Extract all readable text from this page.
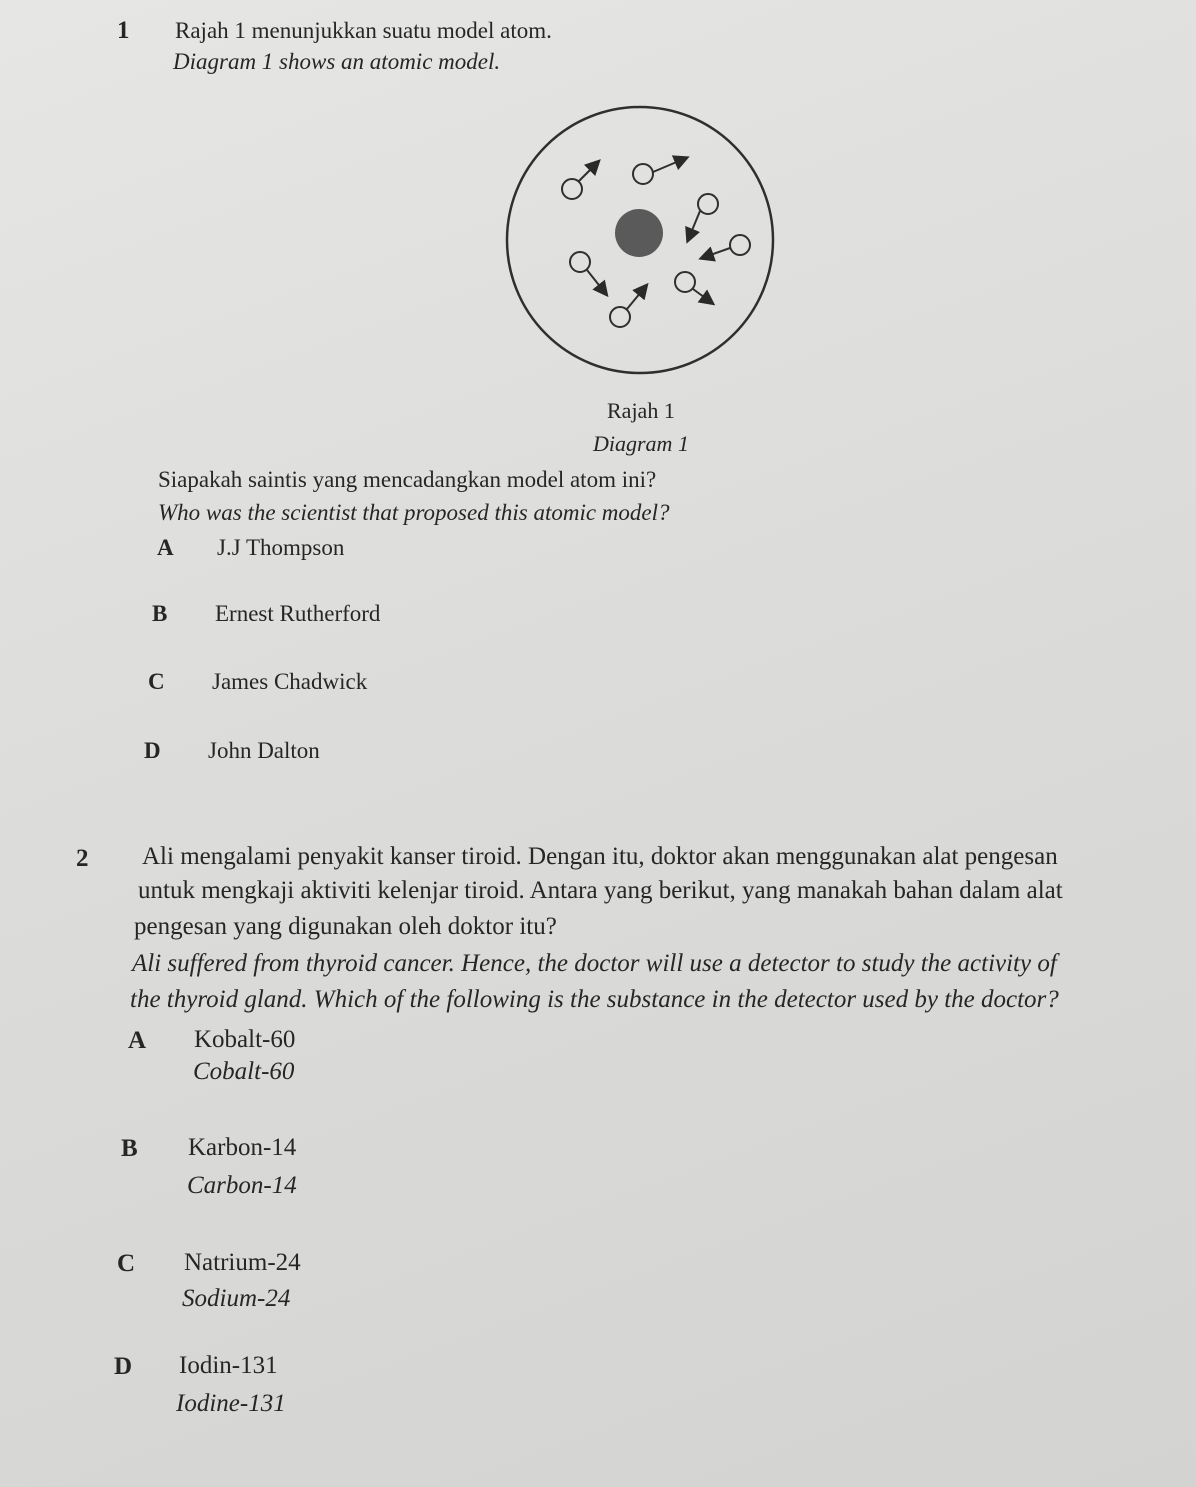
1 Rajah 1 menunjukkan suatu model atom.
Diagram 1 shows an atomic model.
Rajah 1
Diagram 1
Siapakah saintis yang mencadangkan model atom ini?
Who was the scientist that proposed this atomic model?
A J.J Thompson
B Ernest Rutherford
C James Chadwick
D John Dalton
2 Ali mengalami penyakit kanser tiroid. Dengan itu, doktor akan menggunakan alat pengesan
untuk mengkaji aktiviti kelenjar tiroid. Antara yang berikut, yang manakah bahan dalam alat
pengesan yang digunakan oleh doktor itu?
Ali suffered from thyroid cancer. Hence, the doctor will use a detector to study the activity of
the thyroid gland. Which of the following is the substance in the detector used by the doctor?
A Kobalt-60
Cobalt-60
B Karbon-14
Carbon-14
C Natrium-24
Sodium-24
D Iodin-131
Iodine-131
